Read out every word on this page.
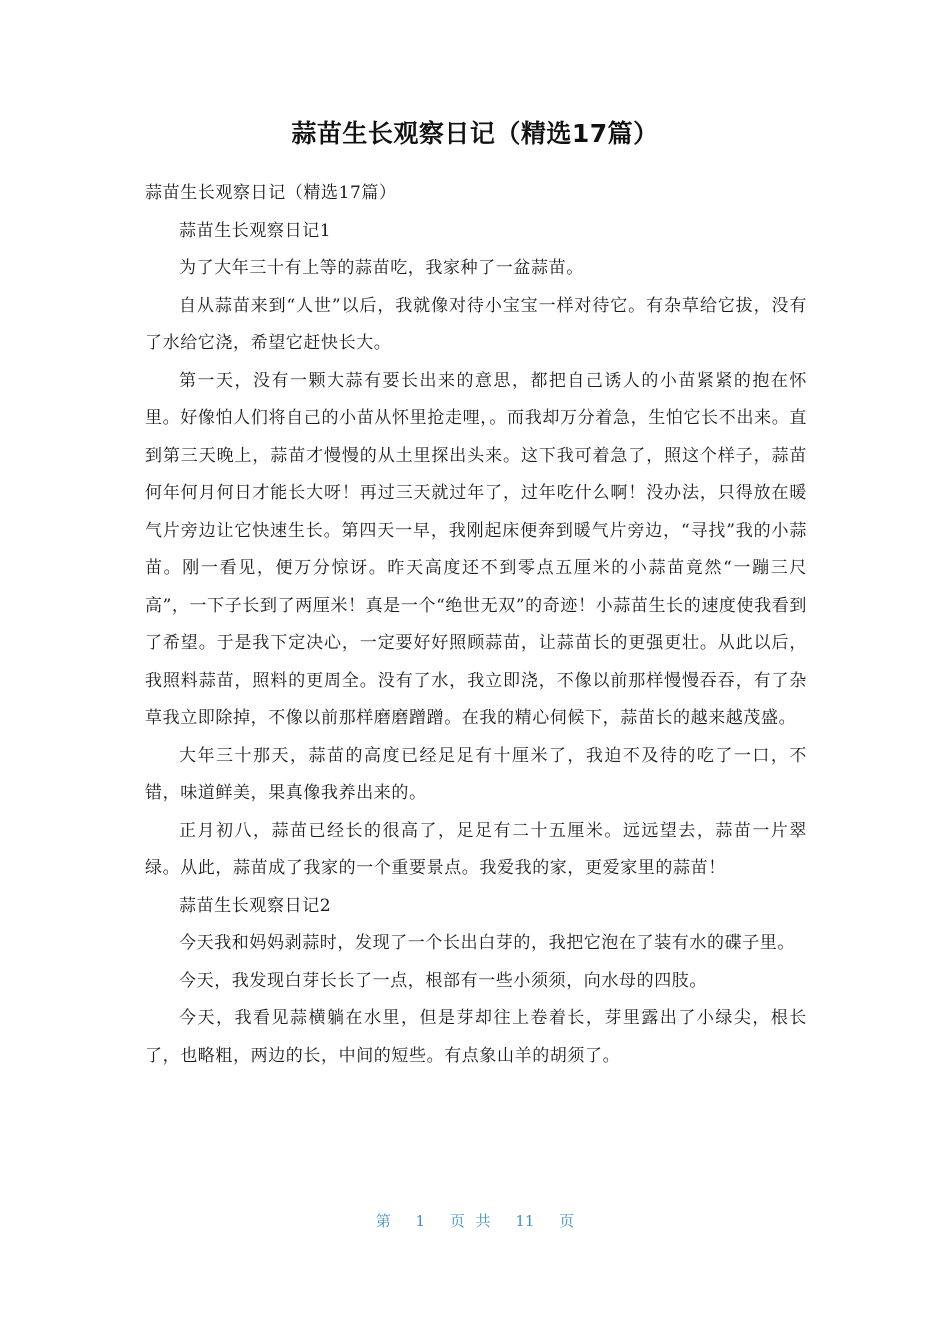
蒜苗生长观察日记（精选17篇）

蒜苗生长观察日记（精选17篇）

蒜苗生长观察日记1

为了大年三十有上等的蒜苗吃，我家种了一盆蒜苗。

自从蒜苗来到“人世”以后，我就像对待小宝宝一样对待它。有杂草给它拔，没有了水给它浇，希望它赶快长大。

第一天，没有一颗大蒜有要长出来的意思，都把自己诱人的小苗紧紧的抱在怀里。好像怕人们将自己的小苗从怀里抢走哩，。而我却万分着急，生怕它长不出来。直到第三天晚上，蒜苗才慢慢的从土里探出头来。这下我可着急了，照这个样子，蒜苗何年何月何日才能长大呀！再过三天就过年了，过年吃什么啊！没办法，只得放在暖气片旁边让它快速生长。第四天一早，我刚起床便奔到暖气片旁边，“寻找”我的小蒜苗。刚一看见，便万分惊讶。昨天高度还不到零点五厘米的小蒜苗竟然“一蹦三尺高”，一下子长到了两厘米！真是一个“绝世无双”的奇迹！小蒜苗生长的速度使我看到了希望。于是我下定决心，一定要好好照顾蒜苗，让蒜苗长的更强更壮。从此以后，我照料蒜苗，照料的更周全。没有了水，我立即浇，不像以前那样慢慢吞吞，有了杂草我立即除掉，不像以前那样磨磨蹭蹭。在我的精心伺候下，蒜苗长的越来越茂盛。

大年三十那天，蒜苗的高度已经足足有十厘米了，我迫不及待的吃了一口，不错，味道鲜美，果真像我养出来的。

正月初八，蒜苗已经长的很高了，足足有二十五厘米。远远望去，蒜苗一片翠绿。从此，蒜苗成了我家的一个重要景点。我爱我的家，更爱家里的蒜苗！

蒜苗生长观察日记2

今天我和妈妈剥蒜时，发现了一个长出白芽的，我把它泡在了装有水的碟子里。

今天，我发现白芽长长了一点，根部有一些小须须，向水母的四肢。

今天，我看见蒜横躺在水里，但是芽却往上卷着长，芽里露出了小绿尖，根长了，也略粗，两边的长，中间的短些。有点象山羊的胡须了。

第 1 页 共 11 页
